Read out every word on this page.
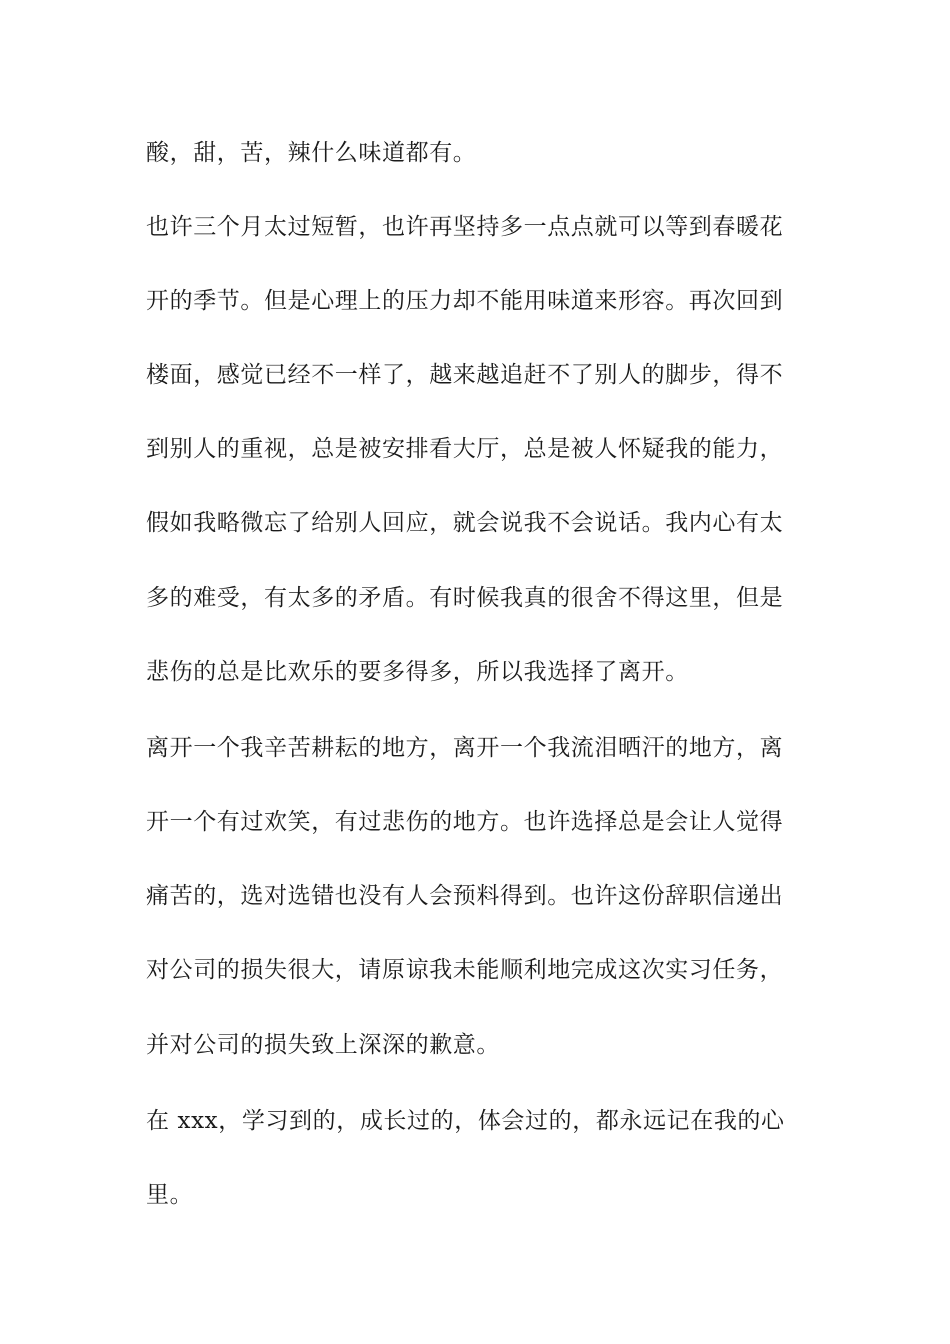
酸，甜，苦，辣什么味道都有。

也许三个月太过短暂，也许再坚持多一点点就可以等到春暖花

开的季节。但是心理上的压力却不能用味道来形容。再次回到

楼面，感觉已经不一样了，越来越追赶不了别人的脚步，得不

到别人的重视，总是被安排看大厅，总是被人怀疑我的能力，

假如我略微忘了给别人回应，就会说我不会说话。我内心有太

多的难受，有太多的矛盾。有时候我真的很舍不得这里，但是

悲伤的总是比欢乐的要多得多，所以我选择了离开。

离开一个我辛苦耕耘的地方，离开一个我流泪晒汗的地方，离

开一个有过欢笑，有过悲伤的地方。也许选择总是会让人觉得

痛苦的，选对选错也没有人会预料得到。也许这份辞职信递出

对公司的损失很大，请原谅我未能顺利地完成这次实习任务，

并对公司的损失致上深深的歉意。

在 xxx，学习到的，成长过的，体会过的，都永远记在我的心

里。
